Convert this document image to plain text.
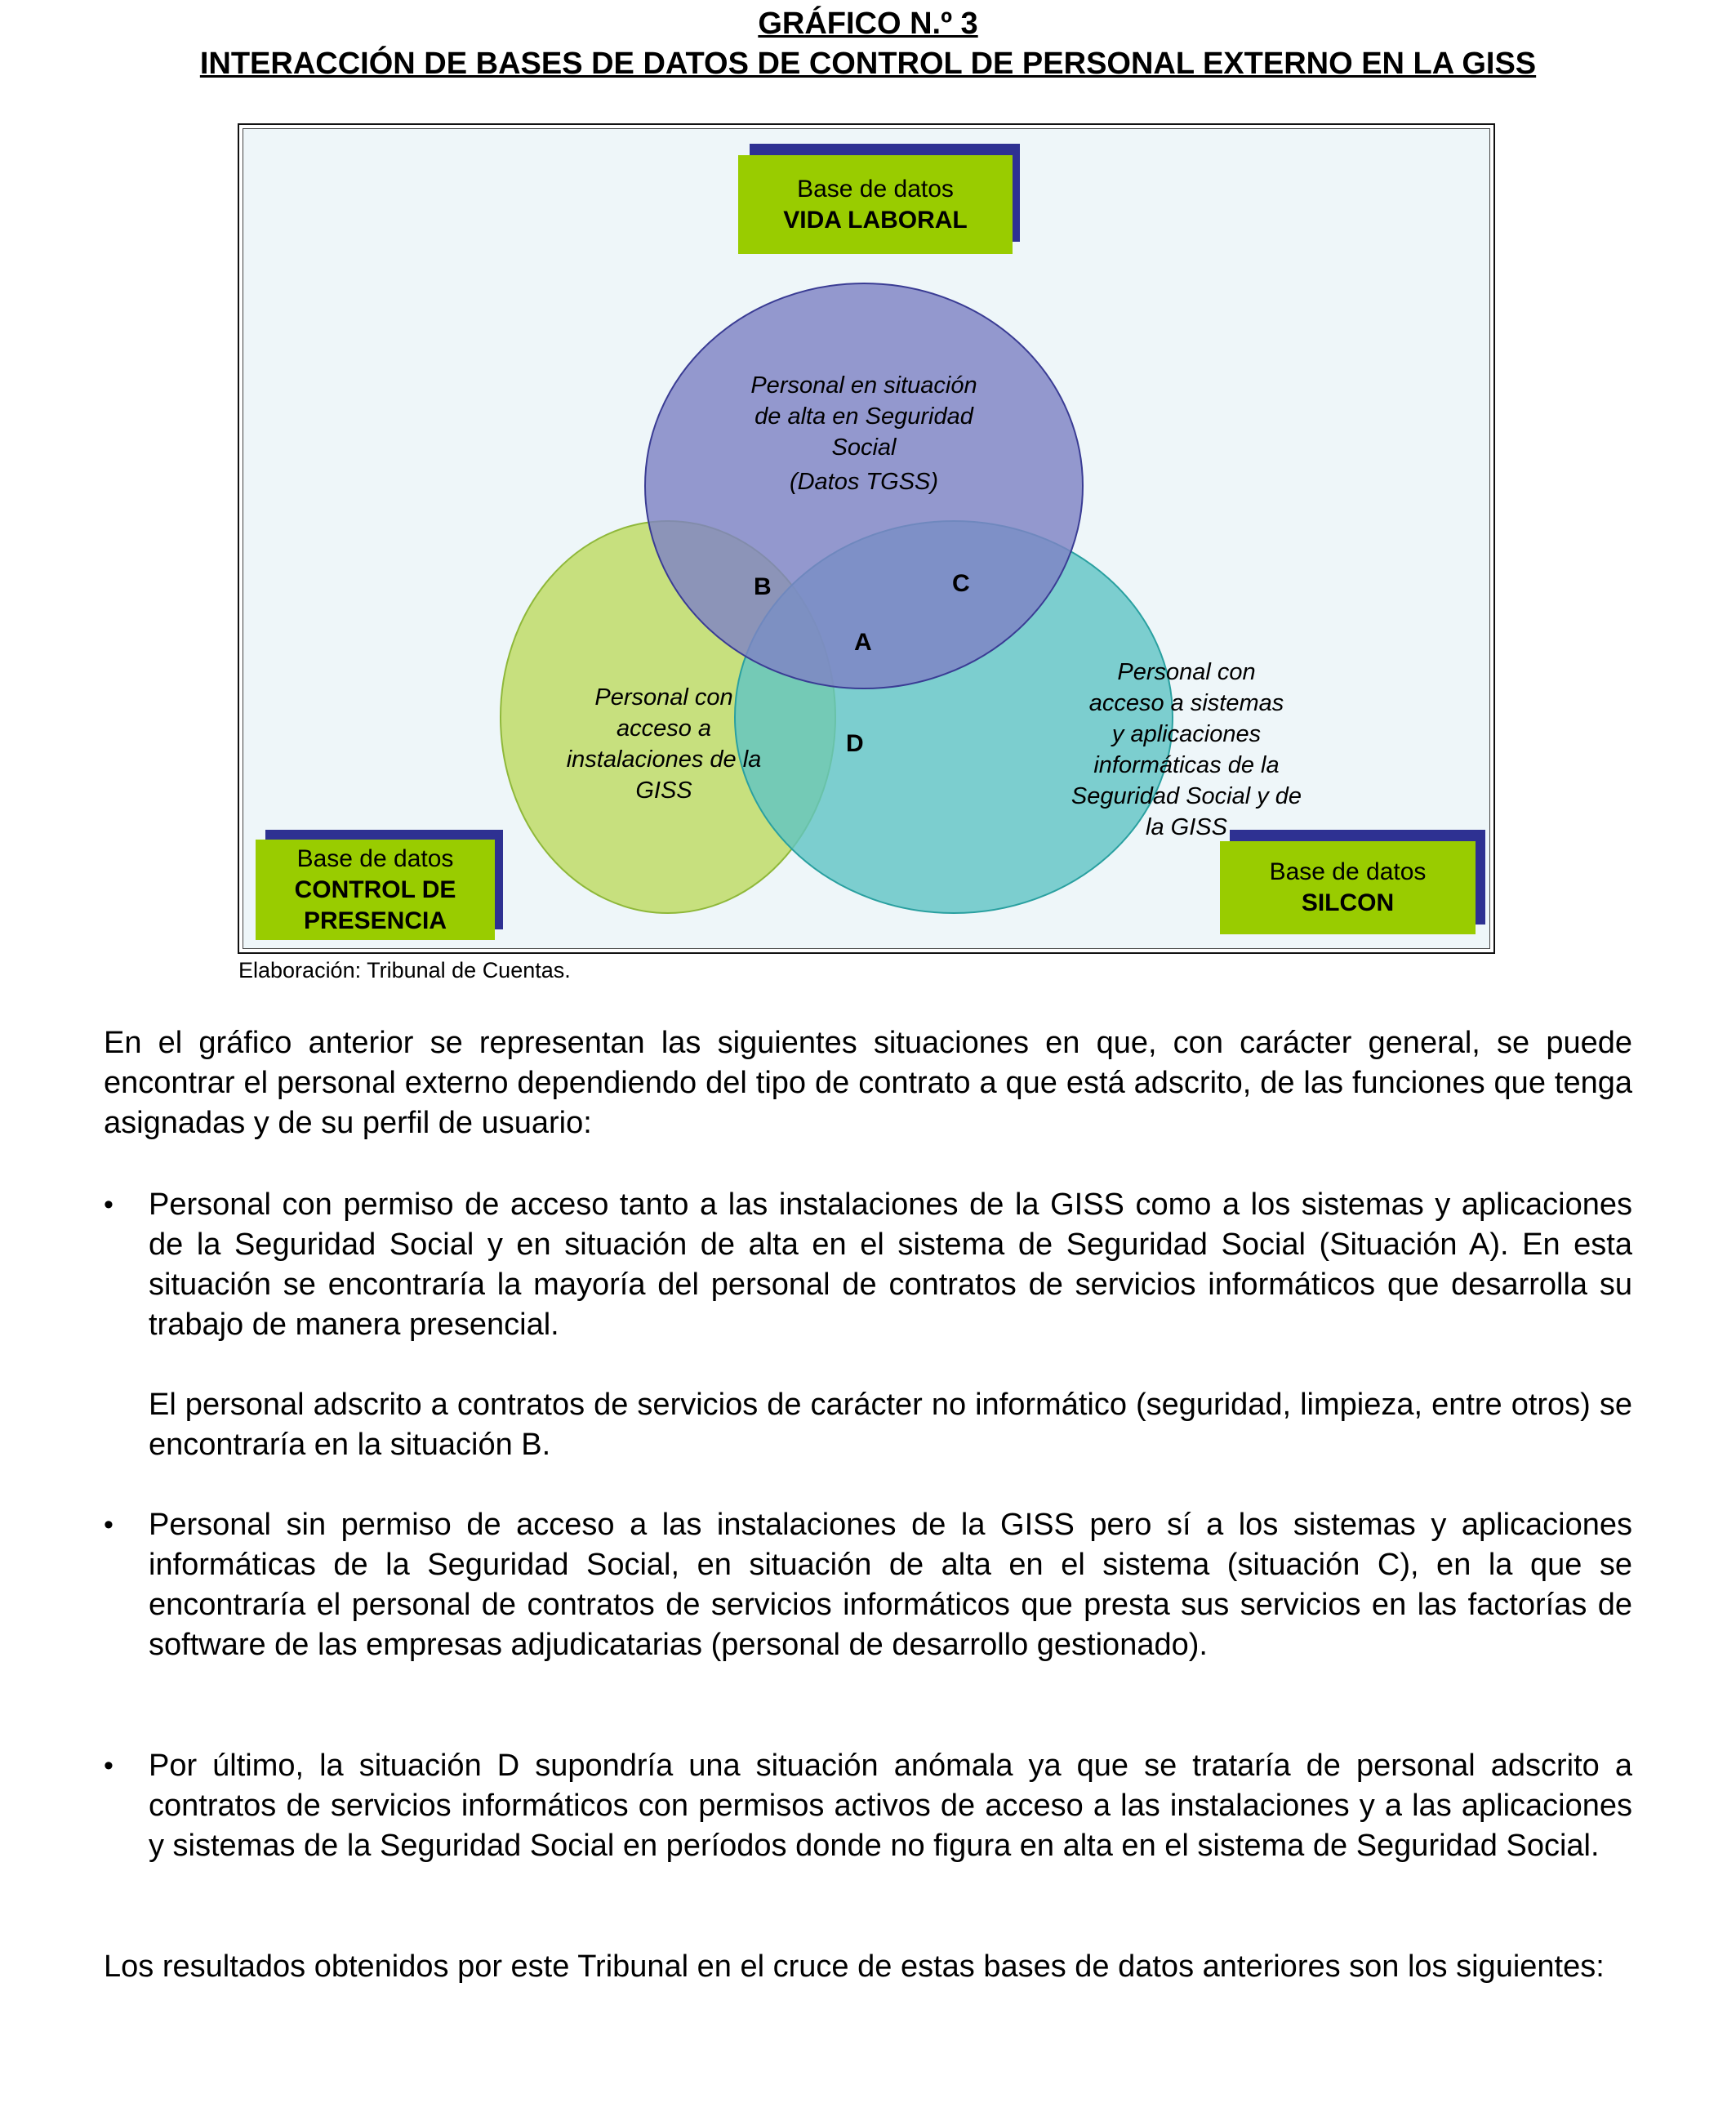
GRÁFICO N.º 3
INTERACCIÓN DE BASES DE DATOS DE CONTROL DE PERSONAL EXTERNO EN LA GISS
Base de datos
VIDA LABORAL
Base de datos
CONTROL DE
PRESENCIA
Base de datos
SILCON
Personal en situación
de alta en Seguridad
Social
(Datos TGSS)
Personal con
acceso a
instalaciones de la
GISS
Personal con
acceso a sistemas
y aplicaciones
informáticas de la
Seguridad Social y de
la GISS
B	C
A
D
Elaboración: Tribunal de Cuentas.
En el gráfico anterior se representan las siguientes situaciones en que, con carácter general, se puede encontrar el personal externo dependiendo del tipo de contrato a que está adscrito, de las funciones que tenga asignadas y de su perfil de usuario:
• Personal con permiso de acceso tanto a las instalaciones de la GISS como a los sistemas y aplicaciones de la Seguridad Social y en situación de alta en el sistema de Seguridad Social (Situación A). En esta situación se encontraría la mayoría del personal de contratos de servicios informáticos que desarrolla su trabajo de manera presencial.
El personal adscrito a contratos de servicios de carácter no informático (seguridad, limpieza, entre otros) se encontraría en la situación B.
• Personal sin permiso de acceso a las instalaciones de la GISS pero sí a los sistemas y aplicaciones informáticas de la Seguridad Social, en situación de alta en el sistema (situación C), en la que se encontraría el personal de contratos de servicios informáticos que presta sus servicios en las factorías de software de las empresas adjudicatarias (personal de desarrollo gestionado).
• Por último, la situación D supondría una situación anómala ya que se trataría de personal adscrito a contratos de servicios informáticos con permisos activos de acceso a las instalaciones y a las aplicaciones y sistemas de la Seguridad Social en períodos donde no figura en alta en el sistema de Seguridad Social.
Los resultados obtenidos por este Tribunal en el cruce de estas bases de datos anteriores son los siguientes:
